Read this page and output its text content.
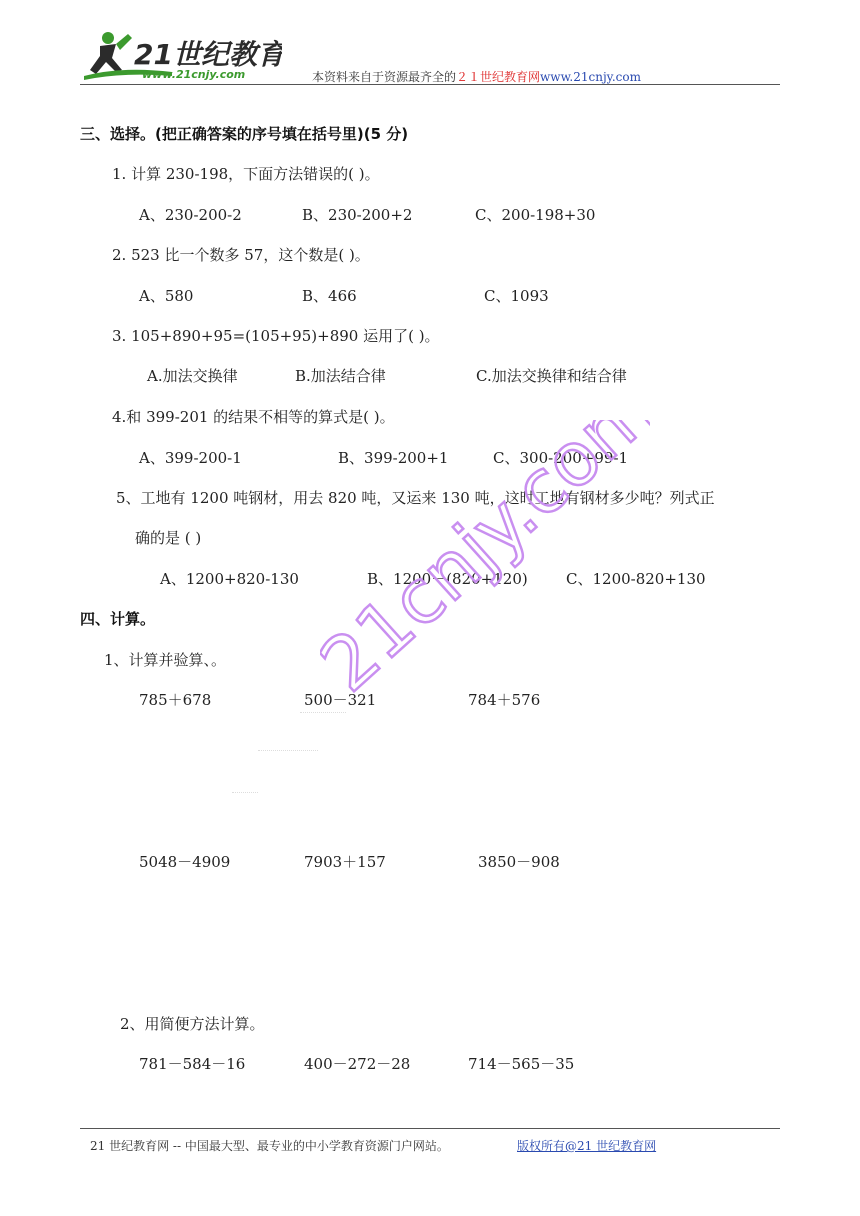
21世纪教育
www.21cnjy.com	本资料来自于资源最齐全的２１世纪教育网www.21cnjy.com
三、选择。(把正确答案的序号填在括号里)(5 分)
1. 计算 230-198，下面方法错误的( )。
A、230-200-2	B、230-200+2	C、200-198+30
2. 523 比一个数多 57，这个数是( )。
A、580	B、466	C、1093
3. 105+890+95=(105+95)+890 运用了( )。
A.加法交换律	B.加法结合律	C.加法交换律和结合律
4.和 399-201 的结果不相等的算式是( )。
A、399-200-1	B、399-200+1	C、300-200+99-1
5、工地有 1200 吨钢材，用去 820 吨，又运来 130 吨，这时工地有钢材多少吨？列式正
确的是 ( )
A、1200+820-130	B、1200－(820+120)	C、1200-820+130
四、计算。
1、计算并验算、。
785＋678	500－321	784＋576
5048－4909	7903＋157	3850－908
2、用简便方法计算。
781－584－16	400－272－28	714－565－35
21cnjy.com
21 世纪教育网 -- 中国最大型、最专业的中小学教育资源门户网站。	版权所有@21 世纪教育网
